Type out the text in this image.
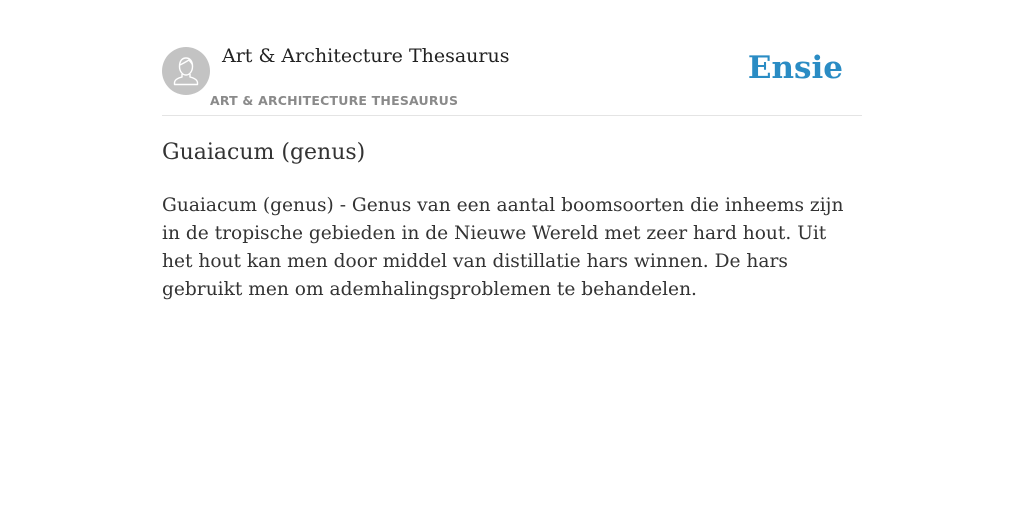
Art & Architecture Thesaurus
ART & ARCHITECTURE THESAURUS
Ensie
Guaiacum (genus)

Guaiacum (genus) - Genus van een aantal boomsoorten die inheems zijn in de tropische gebieden in de Nieuwe Wereld met zeer hard hout. Uit het hout kan men door middel van distillatie hars winnen. De hars gebruikt men om ademhalingsproblemen te behandelen.
